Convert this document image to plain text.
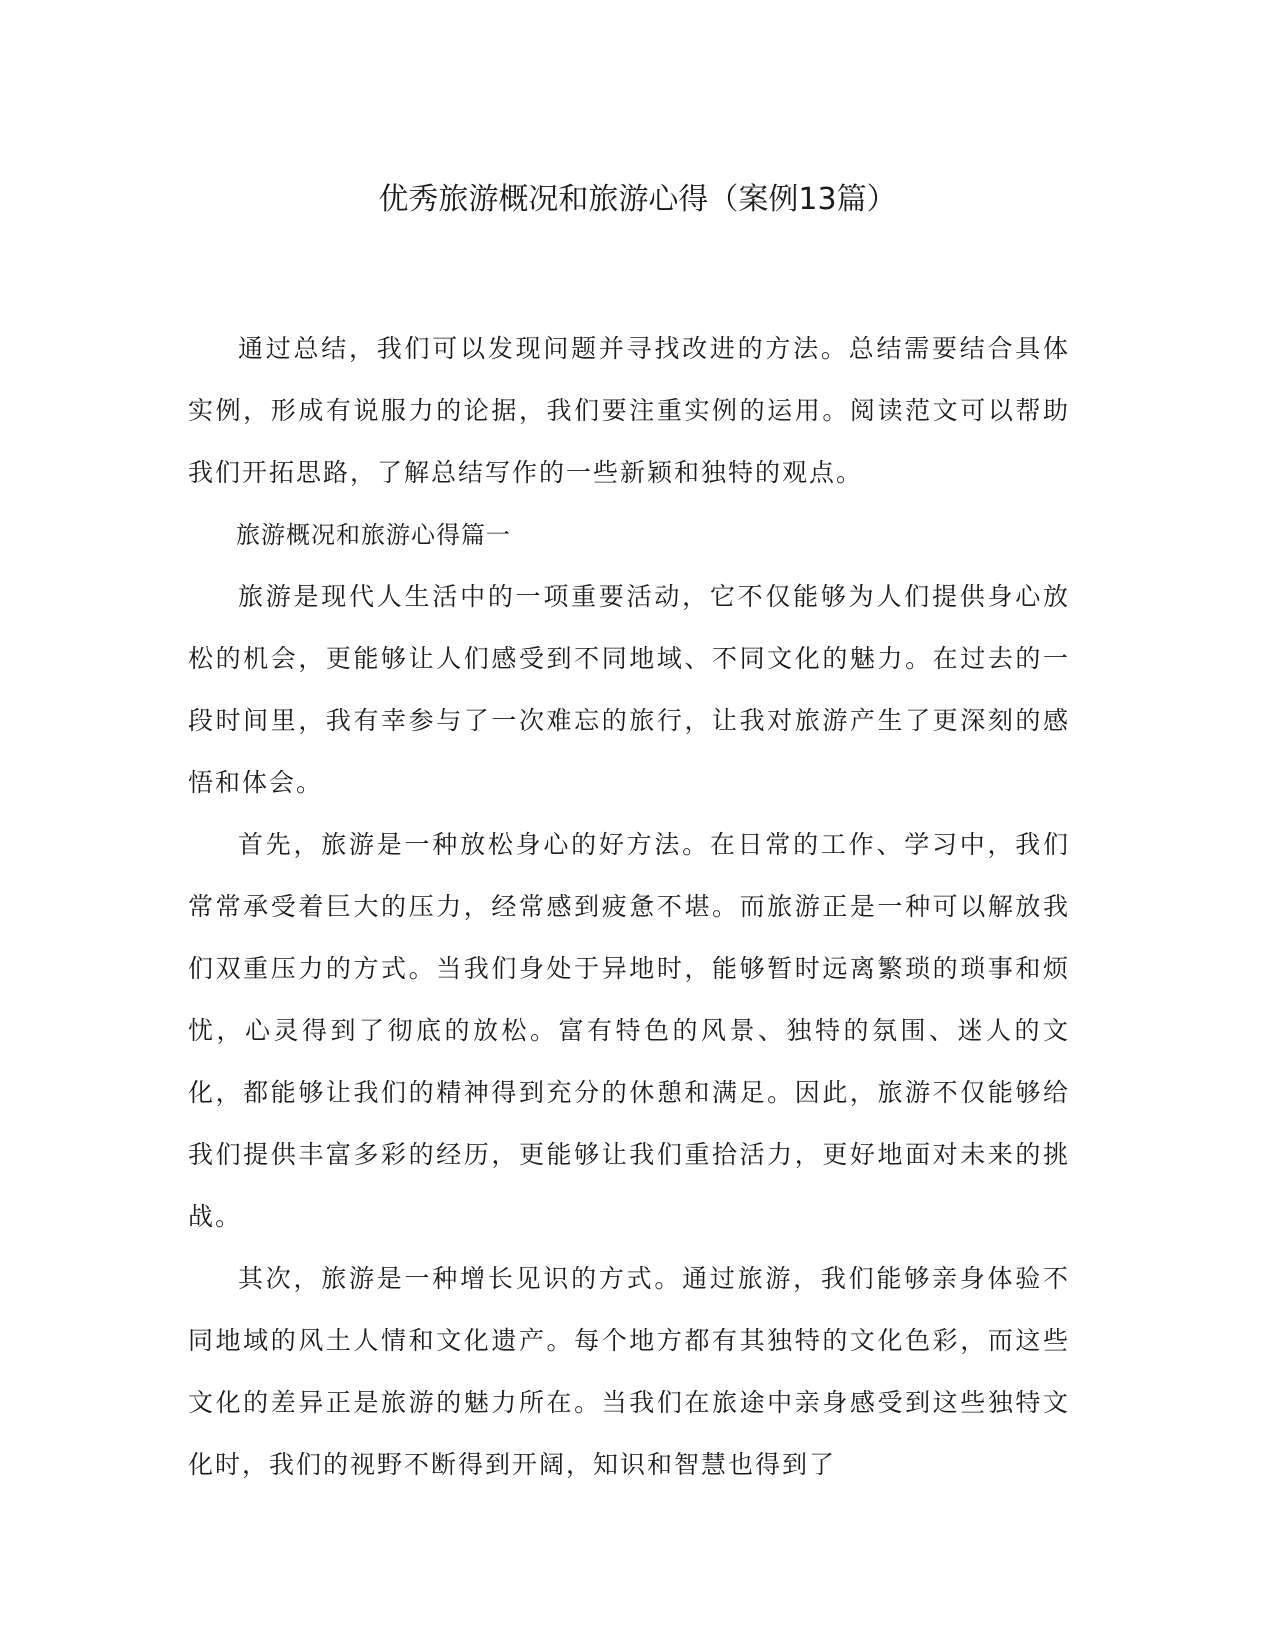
优秀旅游概况和旅游心得（案例13篇）

通过总结，我们可以发现问题并寻找改进的方法。总结需要结合具体实例，形成有说服力的论据，我们要注重实例的运用。阅读范文可以帮助我们开拓思路，了解总结写作的一些新颖和独特的观点。

旅游概况和旅游心得篇一

旅游是现代人生活中的一项重要活动，它不仅能够为人们提供身心放松的机会，更能够让人们感受到不同地域、不同文化的魅力。在过去的一段时间里，我有幸参与了一次难忘的旅行，让我对旅游产生了更深刻的感悟和体会。

首先，旅游是一种放松身心的好方法。在日常的工作、学习中，我们常常承受着巨大的压力，经常感到疲惫不堪。而旅游正是一种可以解放我们双重压力的方式。当我们身处于异地时，能够暂时远离繁琐的琐事和烦忧，心灵得到了彻底的放松。富有特色的风景、独特的氛围、迷人的文化，都能够让我们的精神得到充分的休憩和满足。因此，旅游不仅能够给我们提供丰富多彩的经历，更能够让我们重拾活力，更好地面对未来的挑战。

其次，旅游是一种增长见识的方式。通过旅游，我们能够亲身体验不同地域的风土人情和文化遗产。每个地方都有其独特的文化色彩，而这些文化的差异正是旅游的魅力所在。当我们在旅途中亲身感受到这些独特文化时，我们的视野不断得到开阔，知识和智慧也得到了
